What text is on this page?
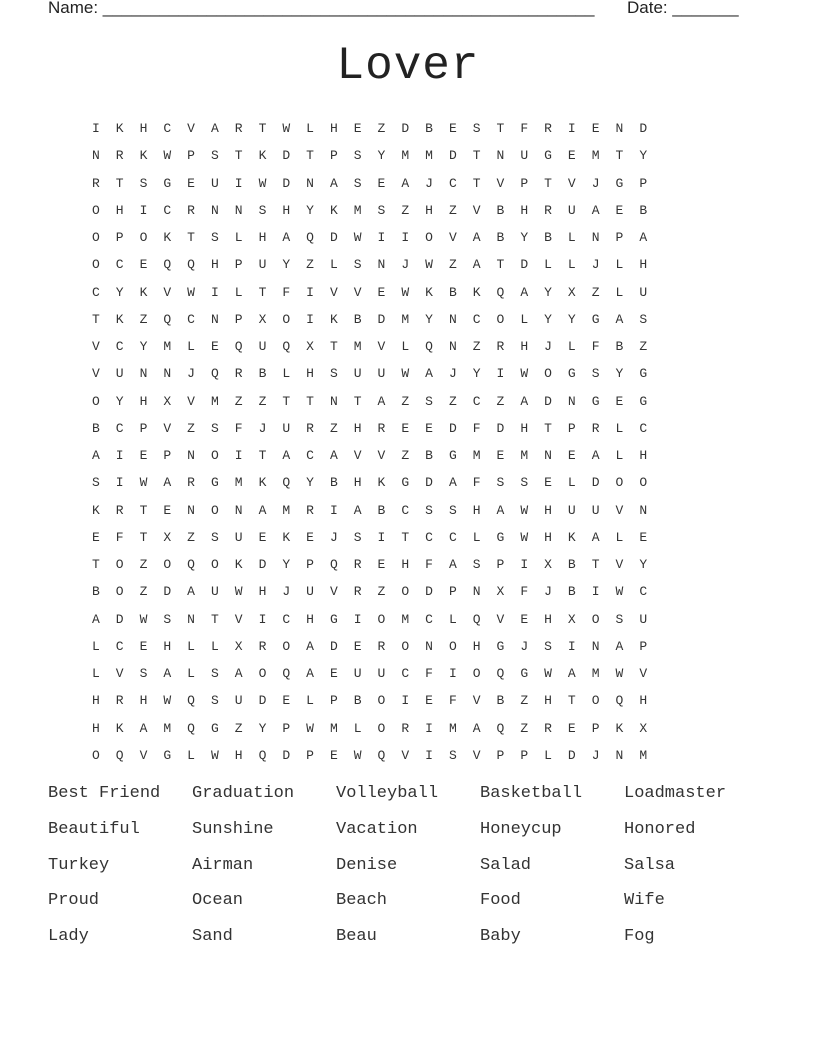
Name: ____________________________________________________ Date: _______
Lover
I	K	H	C	V	A	R	T	W	L	H	E	Z	D	B	E	S	T	F	R	I	E	N	D
N	R	K	W	P	S	T	K	D	T	P	S	Y	M	M	D	T	N	U	G	E	M	T	Y
R	T	S	G	E	U	I	W	D	N	A	S	E	A	J	C	T	V	P	T	V	J	G	P
O	H	I	C	R	N	N	S	H	Y	K	M	S	Z	H	Z	V	B	H	R	U	A	E	B
O	P	O	K	T	S	L	H	A	Q	D	W	I	I	O	V	A	B	Y	B	L	N	P	A
O	C	E	Q	Q	H	P	U	Y	Z	L	S	N	J	W	Z	A	T	D	L	L	J	L	H
C	Y	K	V	W	I	L	T	F	I	V	V	E	W	K	B	K	Q	A	Y	X	Z	L	U
T	K	Z	Q	C	N	P	X	O	I	K	B	D	M	Y	N	C	O	L	Y	Y	G	A	S
V	C	Y	M	L	E	Q	U	Q	X	T	M	V	L	Q	N	Z	R	H	J	L	F	B	Z
V	U	N	N	J	Q	R	B	L	H	S	U	U	W	A	J	Y	I	W	O	G	S	Y	G
O	Y	H	X	V	M	Z	Z	T	T	N	T	A	Z	S	Z	C	Z	A	D	N	G	E	G
B	C	P	V	Z	S	F	J	U	R	Z	H	R	E	E	D	F	D	H	T	P	R	L	C
A	I	E	P	N	O	I	T	A	C	A	V	V	Z	B	G	M	E	M	N	E	A	L	H
S	I	W	A	R	G	M	K	Q	Y	B	H	K	G	D	A	F	S	S	E	L	D	O	O
K	R	T	E	N	O	N	A	M	R	I	A	B	C	S	S	H	A	W	H	U	U	V	N
E	F	T	X	Z	S	U	E	K	E	J	S	I	T	C	C	L	G	W	H	K	A	L	E
T	O	Z	O	Q	O	K	D	Y	P	Q	R	E	H	F	A	S	P	I	X	B	T	V	Y
B	O	Z	D	A	U	W	H	J	U	V	R	Z	O	D	P	N	X	F	J	B	I	W	C
A	D	W	S	N	T	V	I	C	H	G	I	O	M	C	L	Q	V	E	H	X	O	S	U
L	C	E	H	L	L	X	R	O	A	D	E	R	O	N	O	H	G	J	S	I	N	A	P
L	V	S	A	L	S	A	O	Q	A	E	U	U	C	F	I	O	Q	G	W	A	M	W	V
H	R	H	W	Q	S	U	D	E	L	P	B	O	I	E	F	V	B	Z	H	T	O	Q	H
H	K	A	M	Q	G	Z	Y	P	W	M	L	O	R	I	M	A	Q	Z	R	E	P	K	X
O	Q	V	G	L	W	H	Q	D	P	E	W	Q	V	I	S	V	P	P	L	D	J	N	M
Best Friend	Graduation	Volleyball	Basketball	Loadmaster
Beautiful	Sunshine	Vacation	Honeycup	Honored
Turkey	Airman	Denise	Salad	Salsa
Proud	Ocean	Beach	Food	Wife
Lady	Sand	Beau	Baby	Fog
